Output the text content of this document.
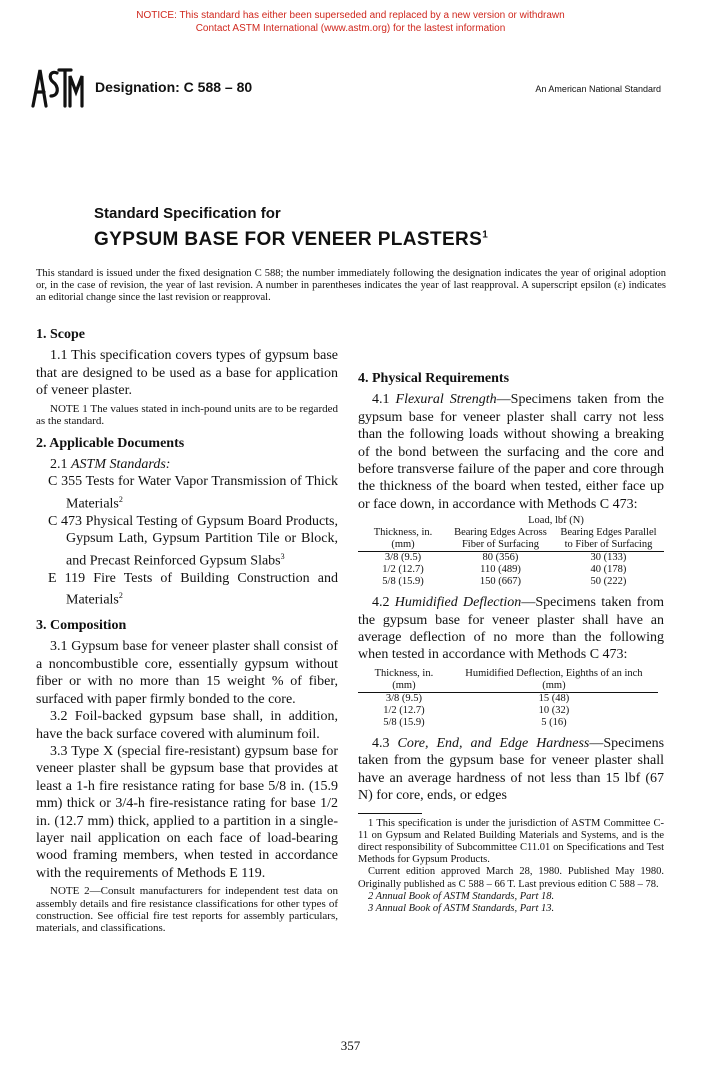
NOTICE: This standard has either been superseded and replaced by a new version or withdrawn
Contact ASTM International (www.astm.org) for the lastest information
Designation: C 588 – 80	An American National Standard
Standard Specification for
GYPSUM BASE FOR VENEER PLASTERS$^1$
This standard is issued under the fixed designation C 588; the number immediately following the designation indicates the year of original adoption or, in the case of revision, the year of last revision. A number in parentheses indicates the year of last reapproval. A superscript epsilon (ε) indicates an editorial change since the last revision or reapproval.
1. Scope

1.1 This specification covers types of gypsum base that are designed to be used as a base for application of veneer plaster.

NOTE 1 The values stated in inch-pound units are to be regarded as the standard.

2. Applicable Documents

2.1 ASTM Standards:

C 355 Tests for Water Vapor Transmission of Thick Materials$^2$

C 473 Physical Testing of Gypsum Board Products, Gypsum Lath, Gypsum Partition Tile or Block, and Precast Reinforced Gypsum Slabs$^3$

E 119 Fire Tests of Building Construction and Materials$^2$

3. Composition

3.1 Gypsum base for veneer plaster shall consist of a noncombustible core, essentially gypsum without fiber or with no more than 15 weight % of fiber, surfaced with paper firmly bonded to the core.

3.2 Foil-backed gypsum base shall, in addition, have the back surface covered with aluminum foil.

3.3 Type X (special fire-resistant) gypsum base for veneer plaster shall be gypsum base that provides at least a 1-h fire resistance rating for base 5/8 in. (15.9 mm) thick or 3/4-h fire-resistance rating for base 1/2 in. (12.7 mm) thick, applied to a partition in a single-layer nail application on each face of load-bearing wood framing members, when tested in accordance with the requirements of Methods E 119.

NOTE 2—Consult manufacturers for independent test data on assembly details and fire resistance classifications for other types of construction. See official fire test reports for assembly particulars, materials, and classifications.

4. Physical Requirements

4.1 Flexural Strength—Specimens taken from the gypsum base for veneer plaster shall carry not less than the following loads without showing a breaking of the bond between the surfacing and the core and before transverse failure of the paper and core through the thickness of the board when tested, either face up or face down, in accordance with Methods C 473:

	Load, lbf (N)	
Thickness, in. (mm)	Bearing Edges Across Fiber of Surfacing	Bearing Edges Parallel to Fiber of Surfacing
3/8 (9.5)	80 (356)	30 (133)
1/2 (12.7)	110 (489)	40 (178)
5/8 (15.9)	150 (667)	50 (222)

4.2 Humidified Deflection—Specimens taken from the gypsum base for veneer plaster shall have an average deflection of no more than the following when tested in accordance with Methods C 473:

Thickness, in. (mm)	Humidified Deflection, Eighths of an inch (mm)
3/8 (9.5)	15 (48)
1/2 (12.7)	10 (32)
5/8 (15.9)	5 (16)

4.3 Core, End, and Edge Hardness—Specimens taken from the gypsum base for veneer plaster shall have an average hardness of not less than 15 lbf (67 N) for core, ends, or edges

1 This specification is under the jurisdiction of ASTM Committee C-11 on Gypsum and Related Building Materials and Systems, and is the direct responsibility of Subcommittee C11.01 on Specifications and Test Methods for Gypsum Products.

Current edition approved March 28, 1980. Published May 1980. Originally published as C 588 – 66 T. Last previous edition C 588 – 78.

2 Annual Book of ASTM Standards, Part 18.

3 Annual Book of ASTM Standards, Part 13.

357
